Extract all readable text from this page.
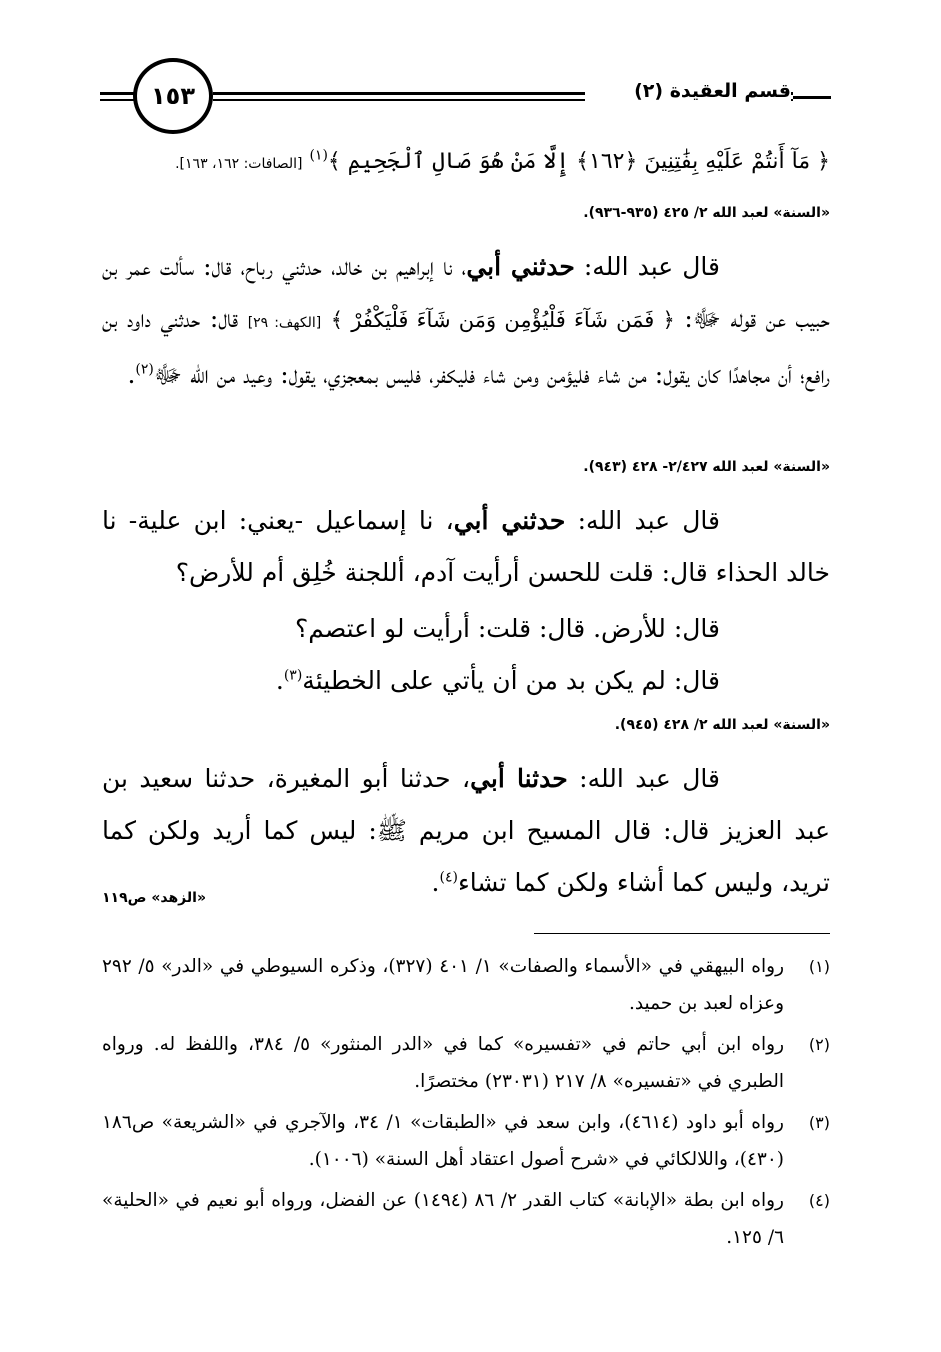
١٥٣	قسم العقيدة (٢)
﴿ مَآ أَنتُمْ عَلَيْهِ بِفَٰتِنِينَ ﴿١٦٢﴾ إِلَّا مَنْ هُوَ صَالِ ٱلْجَحِيمِ ﴾$^{(١)}$ [الصافات: ١٦٢، ١٦٣].
«السنة» لعبد الله ٢/ ٤٢٥ (٩٣٥-٩٣٦).
قال عبد الله: حدثني أبي، نا إبراهيم بن خالد، حدثني رباح، قال: سألت عمر بن حبيب عن قوله ﷻ: ﴿ فَمَن شَآءَ فَلْيُؤْمِن وَمَن شَآءَ فَلْيَكْفُرْ ﴾ [الكهف: ٢٩] قال: حدثني داود بن رافع؛ أن مجاهدًا كان يقول: من شاء فليؤمن ومن شاء فليكفر، فليس بمعجزي، يقول: وعيد من الله ﷻ$^{(٢)}$.
«السنة» لعبد الله ٢/٤٢٧- ٤٢٨ (٩٤٣).
قال عبد الله: حدثني أبي، نا إسماعيل -يعني: ابن علية- نا خالد الحذاء قال: قلت للحسن أرأيت آدم، أللجنة خُلِق أم للأرض؟
قال: للأرض. قال: قلت: أرأيت لو اعتصم؟
قال: لم يكن بد من أن يأتي على الخطيئة$^{(٣)}$.
«السنة» لعبد الله ٢/ ٤٢٨ (٩٤٥).
قال عبد الله: حدثنا أبي، حدثنا أبو المغيرة، حدثنا سعيد بن عبد العزيز قال: قال المسيح ابن مريم ﷺ: ليس كما أريد ولكن كما تريد، وليس كما أشاء ولكن كما تشاء$^{(٤)}$.
«الزهد» ص١١٩
(١)
رواه البيهقي في «الأسماء والصفات» ١/ ٤٠١ (٣٢٧)، وذكره السيوطي في «الدر» ٥/ ٢٩٢ وعزاه لعبد بن حميد.
(٢)
رواه ابن أبي حاتم في «تفسيره» كما في «الدر المنثور» ٥/ ٣٨٤، واللفظ له. ورواه الطبري في «تفسيره» ٨/ ٢١٧ (٢٣٠٣١) مختصرًا.
(٣)
رواه أبو داود (٤٦١٤)، وابن سعد في «الطبقات» ١/ ٣٤، والآجري في «الشريعة» ص١٨٦ (٤٣٠)، واللالكائي في «شرح أصول اعتقاد أهل السنة» (١٠٠٦).
(٤)
رواه ابن بطة «الإبانة» كتاب القدر ٢/ ٨٦ (١٤٩٤) عن الفضل، ورواه أبو نعيم في «الحلية» ٦/ ١٢٥.
